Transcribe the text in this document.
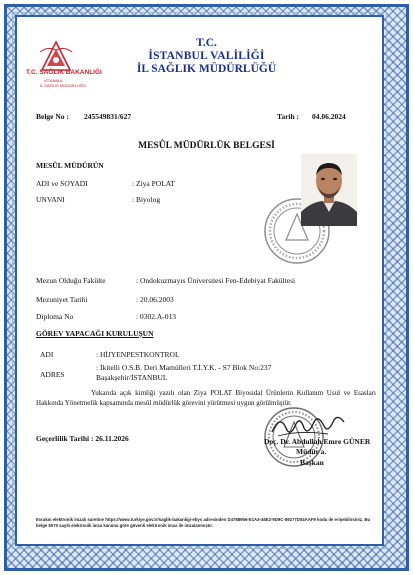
T.C. SAĞLIK BAKANLIĞI
İSTANBUL
İL SAĞLIK MÜDÜRLÜĞÜ
T.C.
İSTANBUL VALİLİĞİ
İL SAĞLIK MÜDÜRLÜĞÜ
Belge No : 245549831/627	Tarih : 04.06.2024
MESÛL MÜDÜRLÜK BELGESİ
MESÛL MÜDÜRÜN
ADI ve SOYADI	: Ziya POLAT
UNVANI	: Biyolog
Mezun Olduğu Fakülte	: Ondokuzmayıs Üniversitesi Fen-Edebiyat Fakültesi
Mezuniyet Tarihi	: 20.06.2003
Diploma No	: 0302.A-013
GÖREV YAPACAĞI KURULUŞUN
ADI	: HİJYENPESTKONTROL
ADRES
: İkitelli O.S.B. Deri Mamülleri T.İ.Y.K. - S7 Blok No:237
Başakşehir/İSTANBUL
Yukarıda açık kimliği yazılı olan Ziya POLAT Biyosidal Ürünlerin Kullanım Usul ve Esasları Hakkında Yönetmelik kapsamında mesûl müdürlük görevini yürütmesi uygun görülmüştür.
Geçerlilik Tarihi : 26.11.2026	Doç. Dr. Abdullah Emre GÜNER
Müdür a.
Başkan
Evrakın elektronik imzalı suretine https://www.turkiye.gov.tr/saglik-bakanligi-ebys adresinden D4788956-E1A3-46E2-9D9C-59277D04AAF9 kodu ile erişebilirsiniz. Bu belge 5070 sayılı elektronik imza kanuna göre güvenli elektronik imza ile imzalanmıştır.
